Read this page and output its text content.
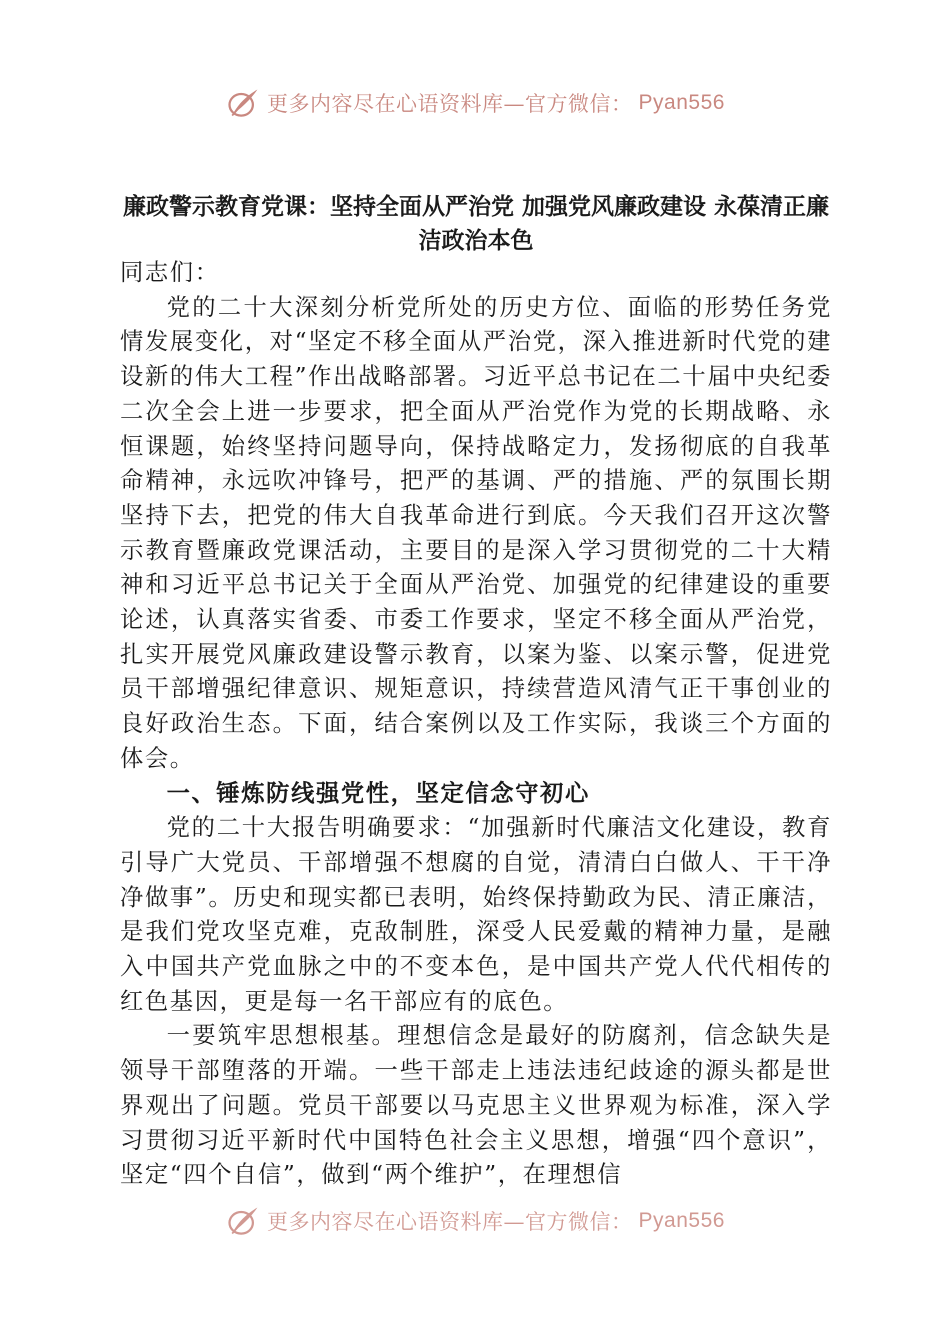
更多内容尽在心语资料库—官方微信： Pyan556
廉政警示教育党课：坚持全面从严治党 加强党风廉政建设 永葆清正廉洁政治本色

同志们：

党的二十大深刻分析党所处的历史方位、面临的形势任务党情发展变化，对“坚定不移全面从严治党，深入推进新时代党的建设新的伟大工程”作出战略部署。习近平总书记在二十届中央纪委二次全会上进一步要求，把全面从严治党作为党的长期战略、永恒课题，始终坚持问题导向，保持战略定力，发扬彻底的自我革命精神，永远吹冲锋号，把严的基调、严的措施、严的氛围长期坚持下去，把党的伟大自我革命进行到底。今天我们召开这次警示教育暨廉政党课活动，主要目的是深入学习贯彻党的二十大精神和习近平总书记关于全面从严治党、加强党的纪律建设的重要论述，认真落实省委、市委工作要求，坚定不移全面从严治党，扎实开展党风廉政建设警示教育，以案为鉴、以案示警，促进党员干部增强纪律意识、规矩意识，持续营造风清气正干事创业的良好政治生态。下面，结合案例以及工作实际，我谈三个方面的体会。

一、锤炼防线强党性，坚定信念守初心

党的二十大报告明确要求：“加强新时代廉洁文化建设，教育引导广大党员、干部增强不想腐的自觉，清清白白做人、干干净净做事”。历史和现实都已表明，始终保持勤政为民、清正廉洁，是我们党攻坚克难，克敌制胜，深受人民爱戴的精神力量，是融入中国共产党血脉之中的不变本色，是中国共产党人代代相传的红色基因，更是每一名干部应有的底色。

一要筑牢思想根基。理想信念是最好的防腐剂，信念缺失是领导干部堕落的开端。一些干部走上违法违纪歧途的源头都是世界观出了问题。党员干部要以马克思主义世界观为标准，深入学习贯彻习近平新时代中国特色社会主义思想，增强“四个意识”，坚定“四个自信”，做到“两个维护”，在理想信

更多内容尽在心语资料库—官方微信： Pyan556
